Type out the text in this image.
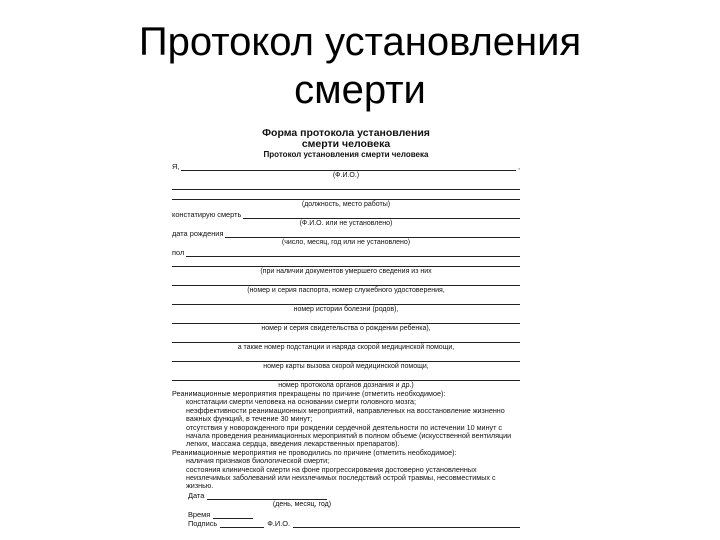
Протокол установления
смерти

Форма протокола установления

смерти человека

Протокол установления смерти человека

Я,	,
(Ф.И.О.)
(должность, место работы)
констатирую смерть
(Ф.И.О. или не установлено)
дата рождения
(число, месяц, год или не установлено)
пол
(при наличии документов умершего сведения из них
(номер и серия паспорта, номер служебного удостоверения,
номер истории болезни (родов),
номер и серия свидетельства о рождении ребенка),
а также номер подстанции и наряда скорой медицинской помощи,
номер карты вызова скорой медицинской помощи,
номер протокола органов дознания и др.)

Реанимационные мероприятия прекращены по причине (отметить необходимое):

констатации смерти человека на основании смерти головного мозга;

неэффективности реанимационных мероприятий, направленных на восстановление жизненно важных функций, в течение 30 минут;

отсутствия у новорожденного при рождении сердечной деятельности по истечении 10 минут с начала проведения реанимационных мероприятий в полном объеме (искусственной вентиляции легких, массажа сердца, введения лекарственных препаратов).

Реанимационные мероприятия не проводились по причине (отметить необходимое):

наличия признаков биологической смерти;

состояния клинической смерти на фоне прогрессирования достоверно установленных неизлечимых заболеваний или неизлечимых последствий острой травмы, несовместимых с жизнью.

Дата
(день, месяц, год)
Время
Подпись	Ф.И.О.
